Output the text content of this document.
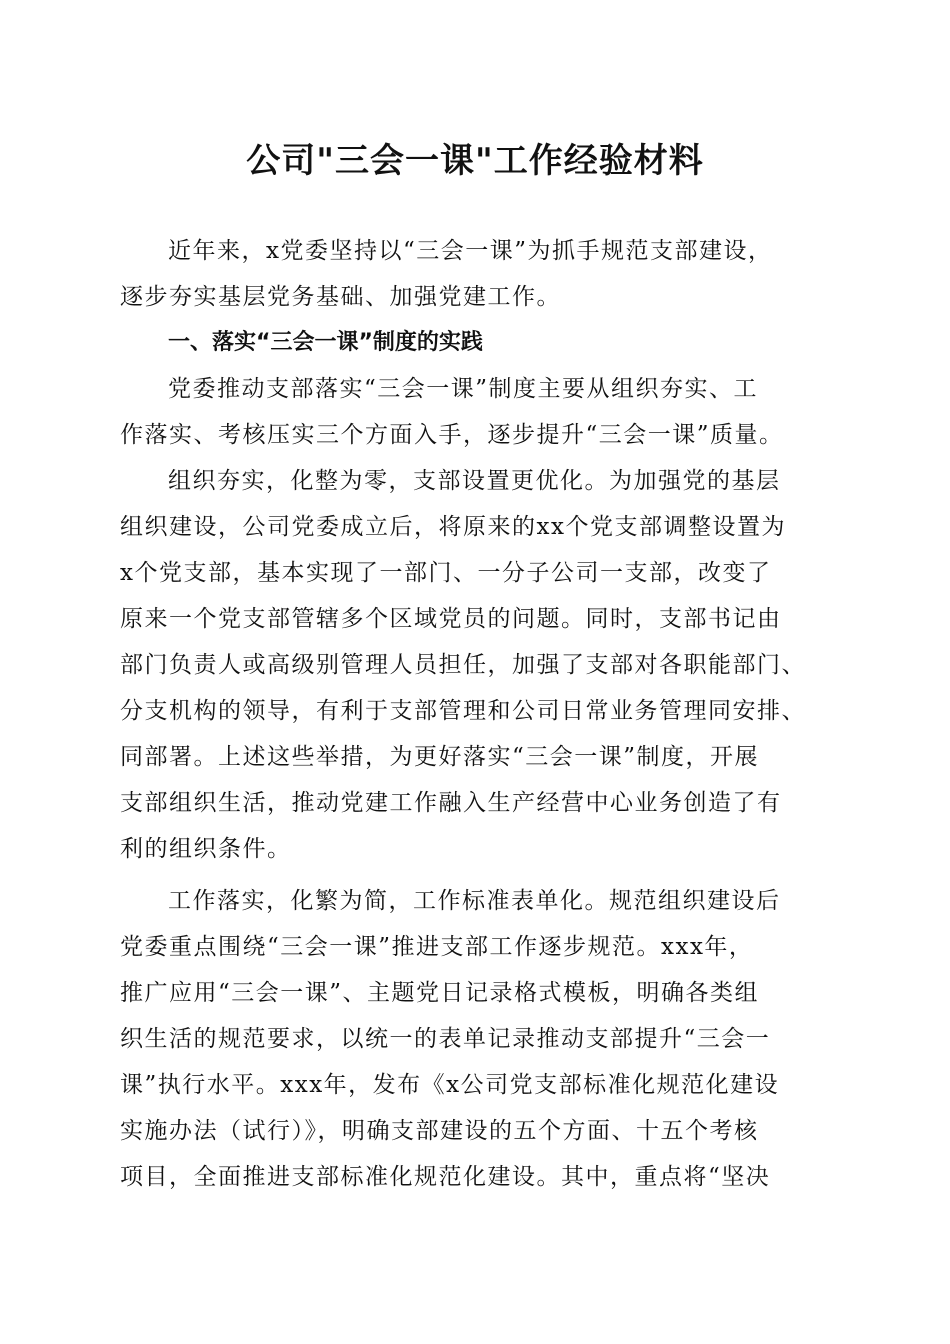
公司"三会一课"工作经验材料

近年来，x党委坚持以“三会一课”为抓手规范支部建设，
逐步夯实基层党务基础、加强党建工作。

一、落实“三会一课”制度的实践

党委推动支部落实“三会一课”制度主要从组织夯实、工
作落实、考核压实三个方面入手，逐步提升“三会一课”质量。

组织夯实，化整为零，支部设置更优化。为加强党的基层
组织建设，公司党委成立后，将原来的xx个党支部调整设置为
x个党支部，基本实现了一部门、一分子公司一支部，改变了
原来一个党支部管辖多个区域党员的问题。同时，支部书记由
部门负责人或高级别管理人员担任，加强了支部对各职能部门、
分支机构的领导，有利于支部管理和公司日常业务管理同安排、
同部署。上述这些举措，为更好落实“三会一课”制度，开展
支部组织生活，推动党建工作融入生产经营中心业务创造了有
利的组织条件。

工作落实，化繁为简，工作标准表单化。规范组织建设后
党委重点围绕“三会一课”推进支部工作逐步规范。xxx年，
推广应用“三会一课”、主题党日记录格式模板，明确各类组
织生活的规范要求，以统一的表单记录推动支部提升“三会一
课”执行水平。xxx年，发布《x公司党支部标准化规范化建设
实施办法（试行）》，明确支部建设的五个方面、十五个考核
项目，全面推进支部标准化规范化建设。其中，重点将“坚决
